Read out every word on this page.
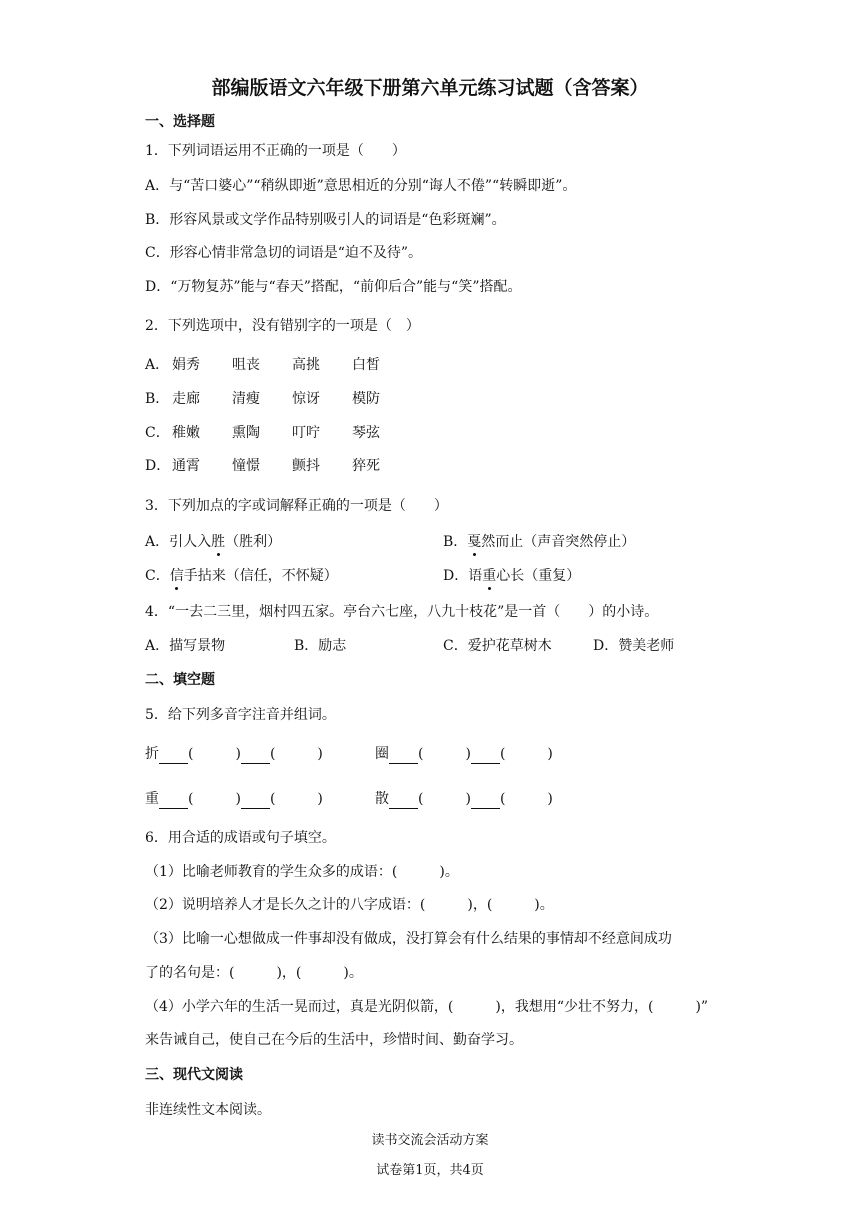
部编版语文六年级下册第六单元练习试题（含答案）
一、选择题
1．下列词语运用不正确的一项是（　　）
A．与“苦口婆心”“稍纵即逝”意思相近的分别“诲人不倦”“转瞬即逝”。
B．形容风景或文学作品特别吸引人的词语是“色彩斑斓”。
C．形容心情非常急切的词语是“迫不及待”。
D．“万物复苏”能与“春天”搭配，“前仰后合”能与“笑”搭配。
2．下列选项中，没有错别字的一项是（　）
A． 娟秀 咀丧 高挑 白皙
B． 走廊 清瘦 惊讶 模防
C． 稚嫩 熏陶 叮咛 琴弦
D． 通霄 憧憬 颤抖 猝死
3．下列加点的字或词解释正确的一项是（　　）
A．引人入胜（胜利）	B．戛然而止（声音突然停止）
C．信手拈来（信任，不怀疑）	D．语重心长（重复）
4．“一去二三里，烟村四五家。亭台六七座，八九十枝花”是一首（　　）的小诗。
A．描写景物	B．励志	C．爱护花草树木	D．赞美老师
二、填空题
5．给下列多音字注音并组词。
折 (　　　) (　　　)	圈 (　　　) (　　　)
重 (　　　) (　　　)	散 (　　　) (　　　)
6．用合适的成语或句子填空。
（1）比喻老师教育的学生众多的成语：(　　　)。
（2）说明培养人才是长久之计的八字成语：(　　　)，(　　　)。
（3）比喻一心想做成一件事却没有做成，没打算会有什么结果的事情却不经意间成功
了的名句是：(　　　)，(　　　)。
（4）小学六年的生活一晃而过，真是光阴似箭，(　　　)，我想用“少壮不努力，(　　　)”
来告诫自己，使自己在今后的生活中，珍惜时间、勤奋学习。
三、现代文阅读
非连续性文本阅读。
读书交流会活动方案
试卷第1页，共4页
